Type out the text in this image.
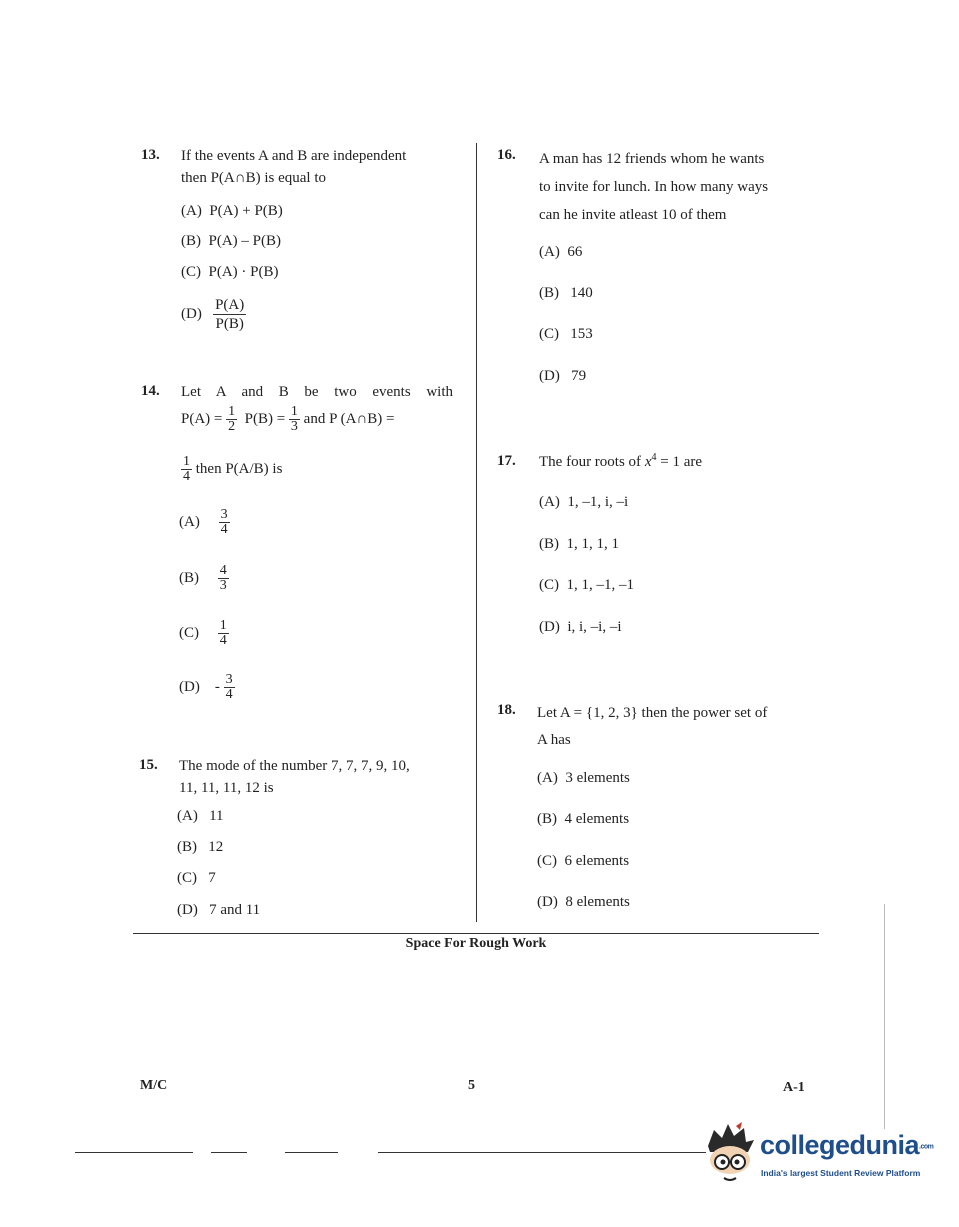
13. If the events A and B are independent
then P(A∩B) is equal to
(A) P(A) + P(B)
(B) P(A) – P(B)
(C) P(A) · P(B)
$(D) \frac{P(A)}{P(B)}$
14. Let A and B be two events with
$P(A) = \frac{1}{2} P(B) = \frac{1}{3}$ and P (A∩B) =
$\frac{1}{4}$ then P(A/B) is
$(A) \frac{3}{4}$
$(B) \frac{4}{3}$
$(C) \frac{1}{4}$
$(D) - \frac{3}{4}$
15. The mode of the number 7, 7, 7, 9, 10,
11, 11, 11, 12 is
(A) 11
(B) 12
(C) 7
(D) 7 and 11
16. A man has 12 friends whom he wants
to invite for lunch. In how many ways
can he invite atleast 10 of them
(A) 66
(B) 140
(C) 153
(D) 79
17. The four roots of $x^4 = 1$ are
(A) 1, –1, i, –i
(B) 1, 1, 1, 1
(C) 1, 1, –1, –1
(D) i, i, –i, –i
18. Let A = {1, 2, 3} then the power set of
A has
(A) 3 elements
(B) 4 elements
(C) 6 elements
(D) 8 elements
Space For Rough Work
M/C	5	A-1
collegedunia.com
India's largest Student Review Platform
